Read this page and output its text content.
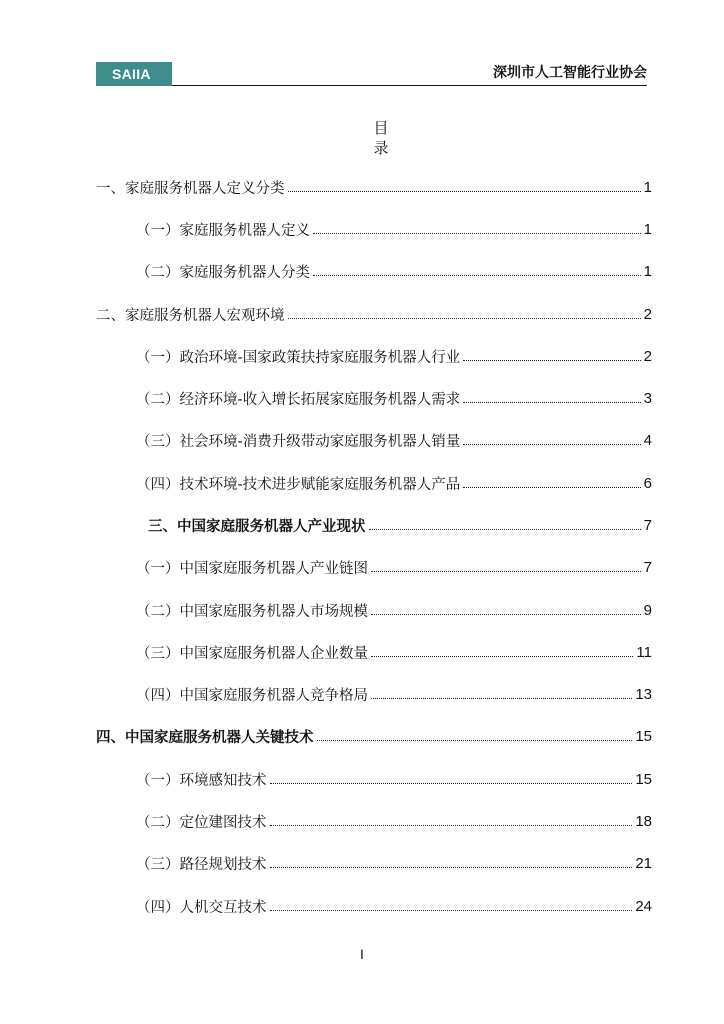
SAIIA	深圳市人工智能行业协会
目录
一、家庭服务机器人定义分类	1
（一）家庭服务机器人定义	1
（二）家庭服务机器人分类	1
二、家庭服务机器人宏观环境	2
（一）政治环境-国家政策扶持家庭服务机器人行业	2
（二）经济环境-收入增长拓展家庭服务机器人需求	3
（三）社会环境-消费升级带动家庭服务机器人销量	4
（四）技术环境-技术进步赋能家庭服务机器人产品	6
三、中国家庭服务机器人产业现状	7
（一）中国家庭服务机器人产业链图	7
（二）中国家庭服务机器人市场规模	9
（三）中国家庭服务机器人企业数量	11
（四）中国家庭服务机器人竞争格局	13
四、中国家庭服务机器人关键技术	15
（一）环境感知技术	15
（二）定位建图技术	18
（三）路径规划技术	21
（四）人机交互技术	24
I
